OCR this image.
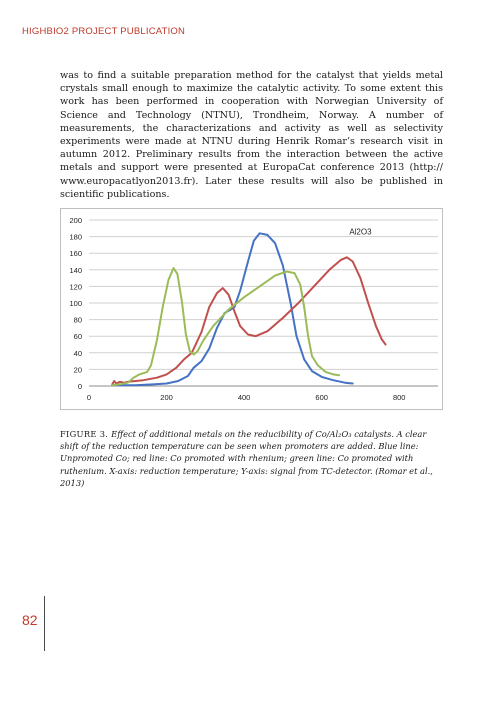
HIGHBIO2 PROJECT PUBLICATION

was to find a suitable preparation method for the catalyst that yields metal crystals small enough to maximize the catalytic activity. To some extent this work has been performed in cooperation with Norwegian University of Science and Technology (NTNU), Trondheim, Norway. A number of measurements, the characterizations and activity as well as selectivity experiments were made at NTNU during Henrik Romar’s research visit in autumn 2012. Preliminary results from the interaction between the active metals and support were presented at EuropaCat conference 2013 (http:// www.europacatlyon2013.fr). Later these results will also be published in scientific publications.

0
20
40
60
80
100
120
140
160
180
200
0	200	400	600	800
Al2O3

FIGURE 3. Effect of additional metals on the reducibility of Co/Al₂O₃ catalysts. A clear shift of the reduction temperature can be seen when promoters are added. Blue line: Unpromoted Co; red line: Co promoted with rhenium; green line: Co promoted with ruthenium. X-axis: reduction temperature; Y-axis: signal from TC-detector. (Romar et al., 2013)

82
